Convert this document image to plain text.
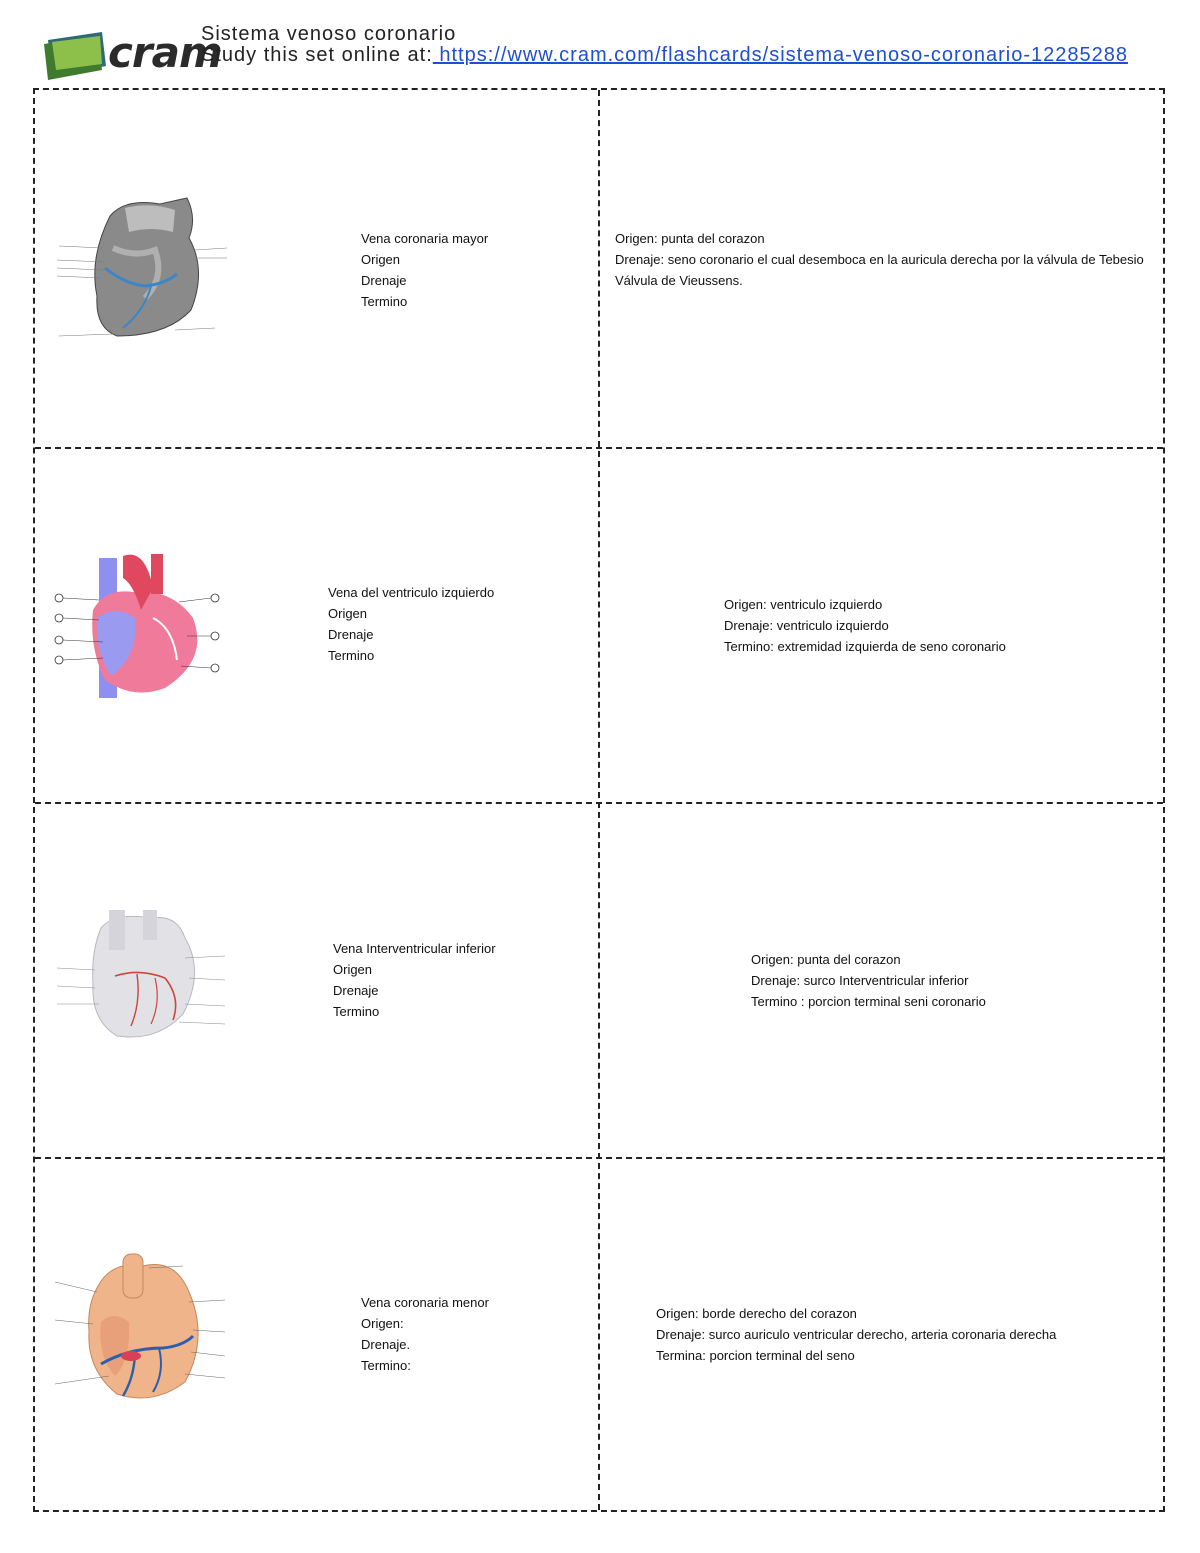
cram
Sistema venoso coronario
Study this set online at: https://www.cram.com/flashcards/sistema-venoso-coronario-12285288
Vena coronaria mayor
Origen
Drenaje
Termino
Origen: punta del corazon
Drenaje: seno coronario el cual desemboca en la auricula derecha por la válvula de Tebesio
Válvula de Vieussens.
Vena del ventriculo izquierdo
Origen
Drenaje
Termino
Origen: ventriculo izquierdo
Drenaje: ventriculo izquierdo
Termino: extremidad izquierda de seno coronario
Vena Interventricular inferior
Origen
Drenaje
Termino
Origen: punta del corazon
Drenaje: surco Interventricular inferior
Termino : porcion terminal seni coronario
Vena coronaria menor
Origen:
Drenaje.
Termino:
Origen: borde derecho del corazon
Drenaje: surco auriculo ventricular derecho, arteria coronaria derecha
Termina: porcion terminal del seno
